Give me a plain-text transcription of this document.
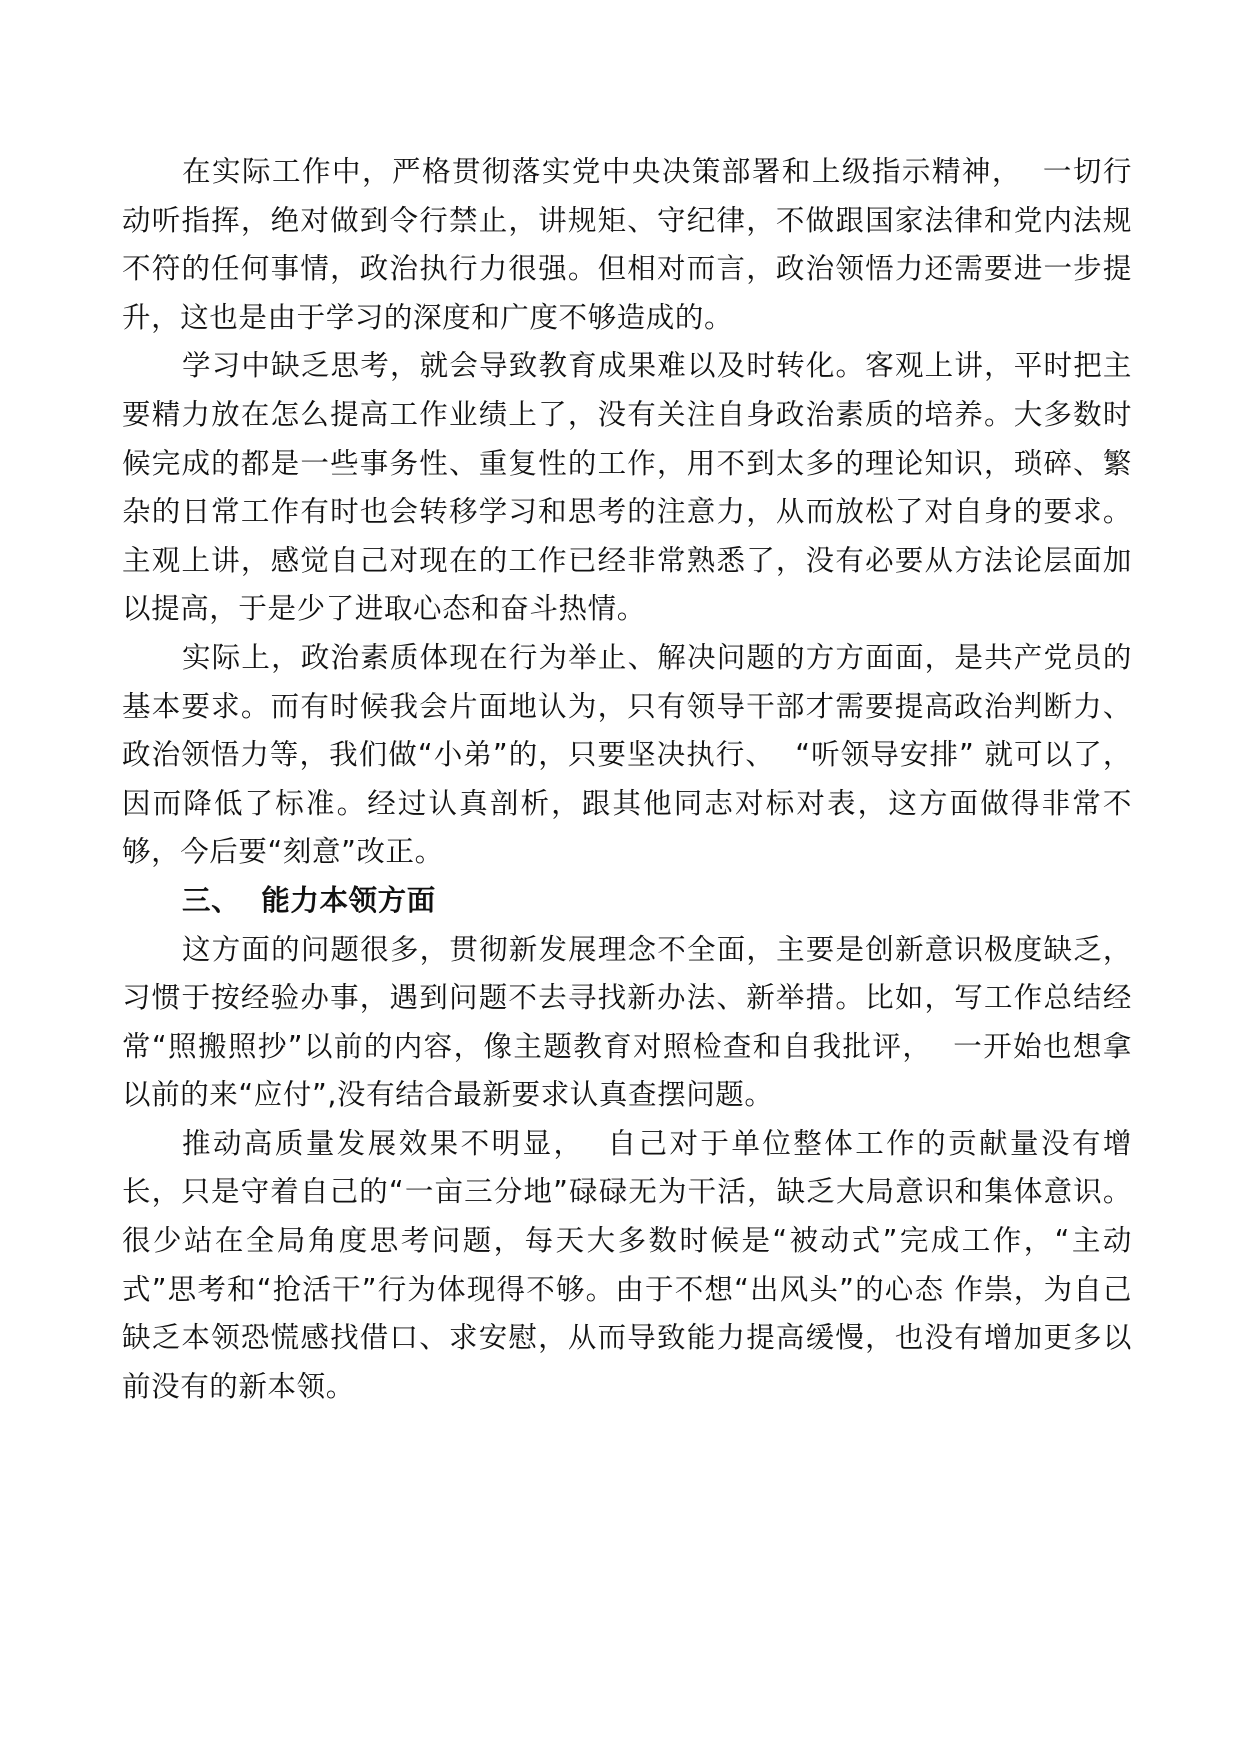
在实际工作中，严格贯彻落实党中央决策部署和上级指示精神，  一切行动听指挥，绝对做到令行禁止，讲规矩、守纪律，不做跟国家法律和党内法规不符的任何事情，政治执行力很强。但相对而言，政治领悟力还需要进一步提升，这也是由于学习的深度和广度不够造成的。

学习中缺乏思考，就会导致教育成果难以及时转化。客观上讲，平时把主要精力放在怎么提高工作业绩上了，没有关注自身政治素质的培养。大多数时候完成的都是一些事务性、重复性的工作，用不到太多的理论知识，琐碎、繁杂的日常工作有时也会转移学习和思考的注意力，从而放松了对自身的要求。主观上讲，感觉自己对现在的工作已经非常熟悉了，没有必要从方法论层面加以提高，于是少了进取心态和奋斗热情。

实际上，政治素质体现在行为举止、解决问题的方方面面，是共产党员的基本要求。而有时候我会片面地认为，只有领导干部才需要提高政治判断力、政治领悟力等，我们做“小弟”的，只要坚决执行、  “听领导安排” 就可以了，因而降低了标准。经过认真剖析，跟其他同志对标对表，这方面做得非常不够，今后要“刻意”改正。

三、  能力本领方面

这方面的问题很多，贯彻新发展理念不全面，主要是创新意识极度缺乏，习惯于按经验办事，遇到问题不去寻找新办法、新举措。比如，写工作总结经常“照搬照抄”以前的内容，像主题教育对照检查和自我批评，  一开始也想拿以前的来“应付”,没有结合最新要求认真查摆问题。

推动高质量发展效果不明显，  自己对于单位整体工作的贡献量没有增长，只是守着自己的“一亩三分地”碌碌无为干活，缺乏大局意识和集体意识。很少站在全局角度思考问题，每天大多数时候是“被动式”完成工作，“主动式”思考和“抢活干”行为体现得不够。由于不想“出风头”的心态 作祟，为自己缺乏本领恐慌感找借口、求安慰，从而导致能力提高缓慢，也没有增加更多以前没有的新本领。
